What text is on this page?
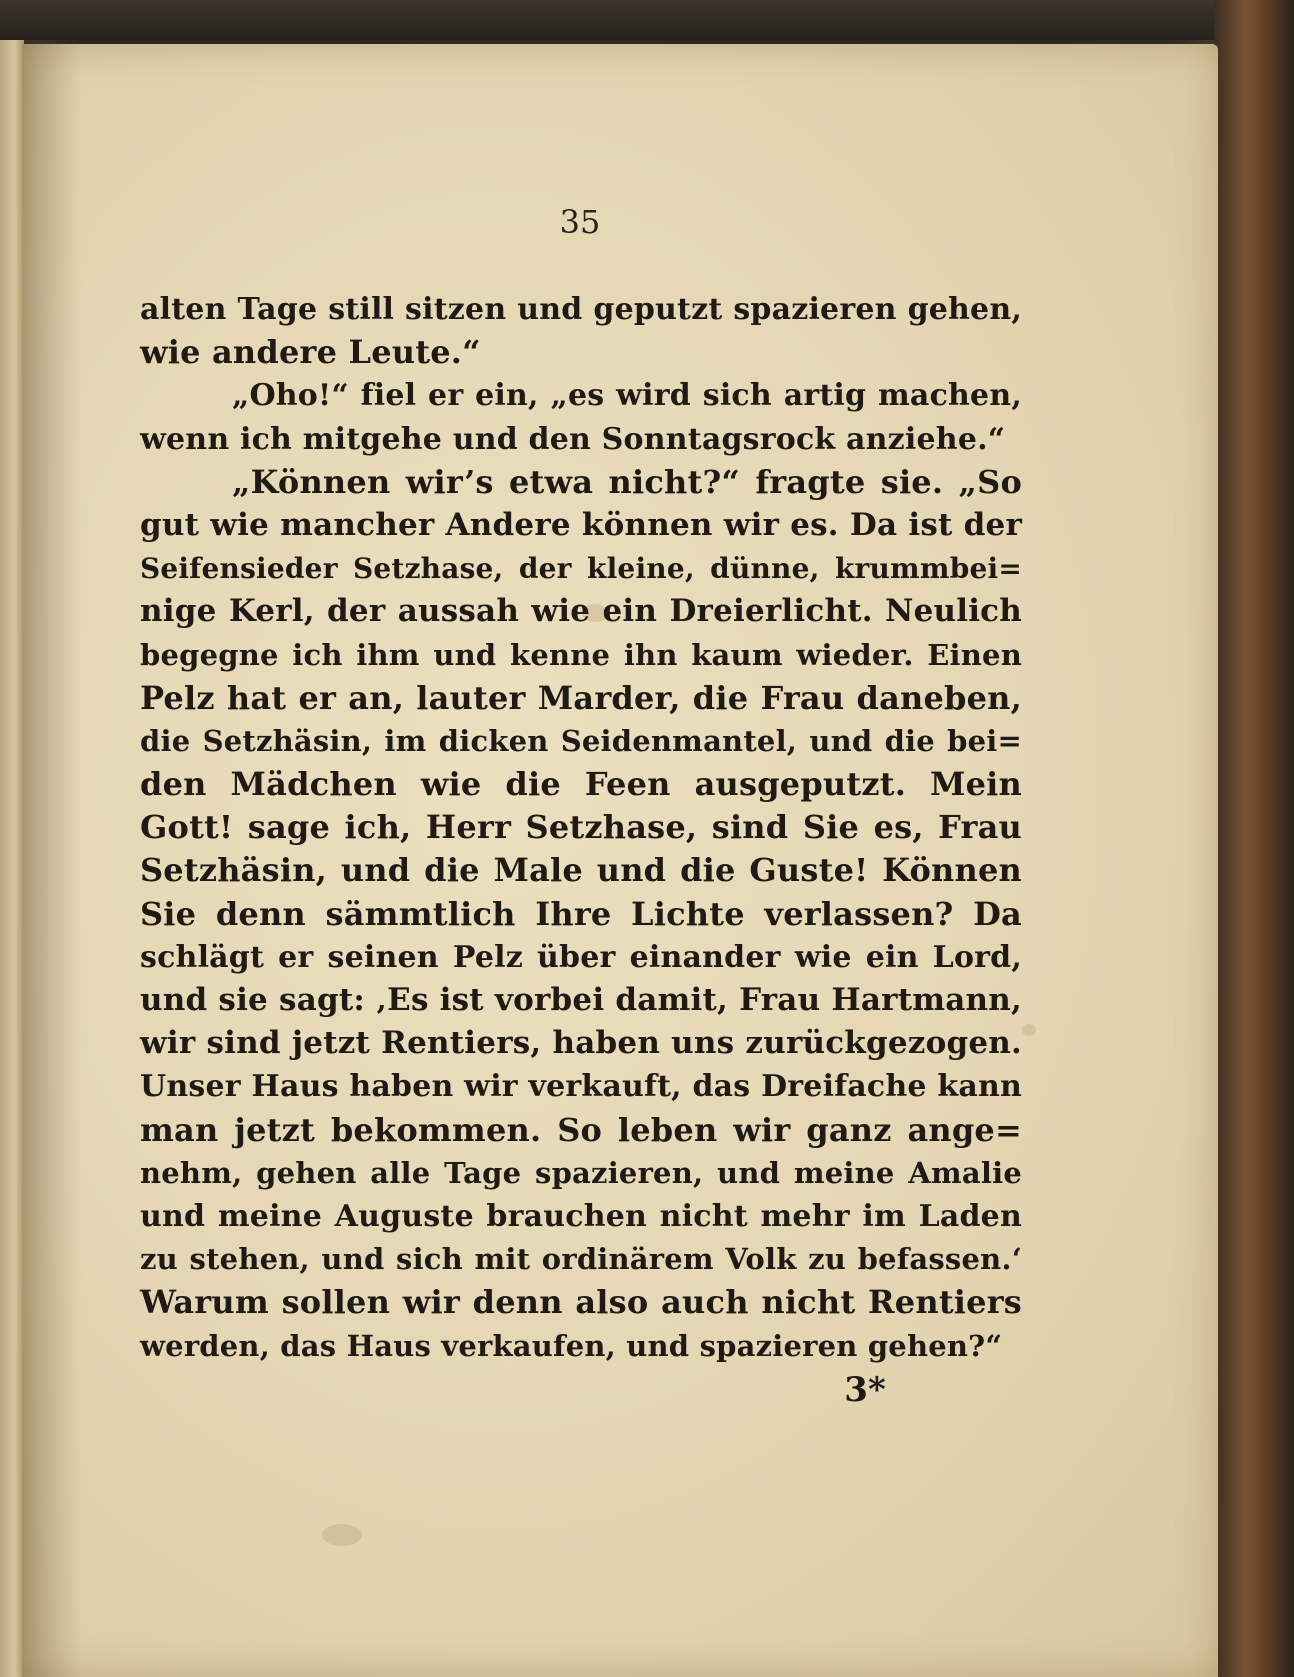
35
alten Tage still sitzen und geputzt spazieren gehen,
wie andere Leute.“
„Oho!“ fiel er ein, „es wird sich artig machen,
wenn ich mitgehe und den Sonntagsrock anziehe.“
„Können wir’s etwa nicht?“ fragte sie. „So
gut wie mancher Andere können wir es. Da ist der
Seifensieder Setzhase, der kleine, dünne, krummbei=
nige Kerl, der aussah wie ein Dreierlicht. Neulich
begegne ich ihm und kenne ihn kaum wieder. Einen
Pelz hat er an, lauter Marder, die Frau daneben,
die Setzhäsin, im dicken Seidenmantel, und die bei=
den Mädchen wie die Feen ausgeputzt. Mein
Gott! sage ich, Herr Setzhase, sind Sie es, Frau
Setzhäsin, und die Male und die Guste! Können
Sie denn sämmtlich Ihre Lichte verlassen? Da
schlägt er seinen Pelz über einander wie ein Lord,
und sie sagt: ‚Es ist vorbei damit, Frau Hartmann,
wir sind jetzt Rentiers, haben uns zurückgezogen.
Unser Haus haben wir verkauft, das Dreifache kann
man jetzt bekommen. So leben wir ganz ange=
nehm, gehen alle Tage spazieren, und meine Amalie
und meine Auguste brauchen nicht mehr im Laden
zu stehen, und sich mit ordinärem Volk zu befassen.‘
Warum sollen wir denn also auch nicht Rentiers
werden, das Haus verkaufen, und spazieren gehen?“
3*
